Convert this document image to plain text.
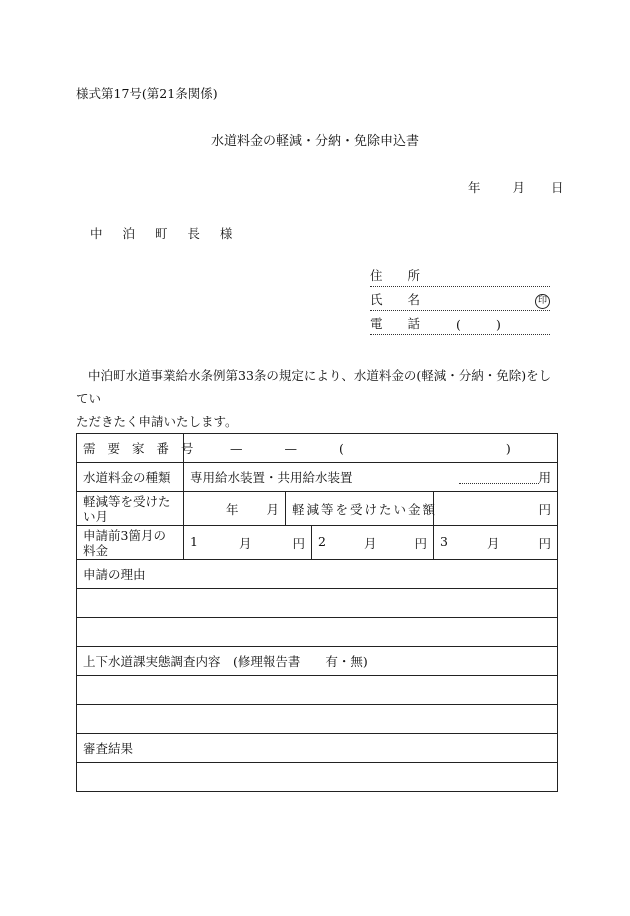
様式第17号(第21条関係)
水道料金の軽減・分納・免除申込書
年	月 日
中 泊 町 長 様
住　　所
氏　　名	印
電　　話	(	)

中泊町水道事業給水条例第33条の規定により、水道料金の(軽減・分納・免除)をしてい

ただきたく申請いたします。
需 要 家 番 号	— — ( )			
水道料金の種類	専用給水装置・共用給水装置 用			

軽減等を受けたい月	年 月	軽減等を受けたい金額		円
申請前3箇月の料金	1 月 円		2 月 円	3 月 円

申請の理由				

上下水道課実態調査内容　(修理報告書　　有・無)				

審査結果				
